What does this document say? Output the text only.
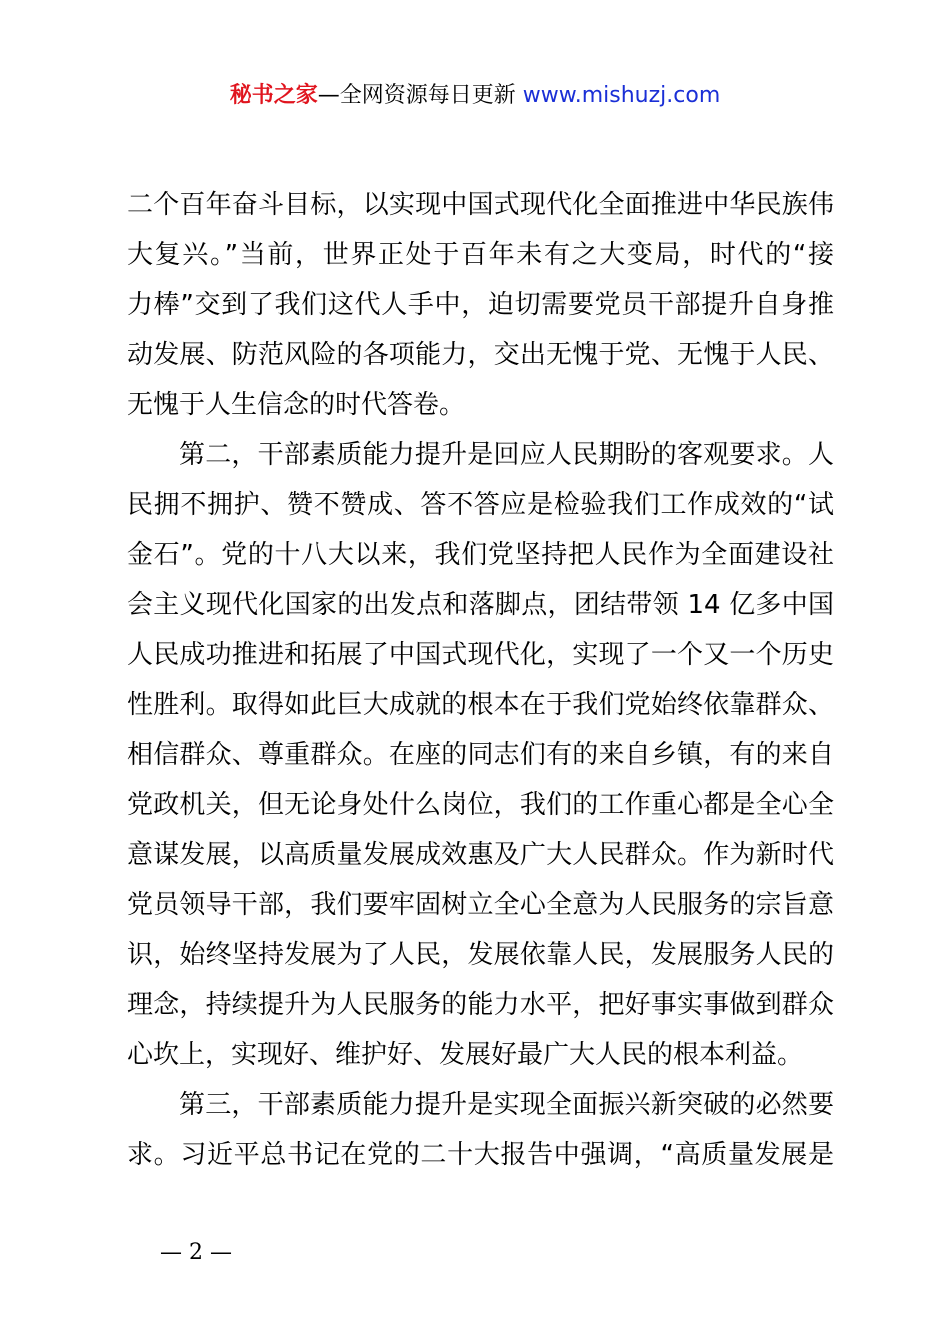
秘书之家—全网资源每日更新 www.mishuzj.com
二个百年奋斗目标，以实现中国式现代化全面推进中华民族伟
大复兴。”当前，世界正处于百年未有之大变局，时代的“接
力棒”交到了我们这代人手中，迫切需要党员干部提升自身推
动发展、防范风险的各项能力，交出无愧于党、无愧于人民、
无愧于人生信念的时代答卷。
第二，干部素质能力提升是回应人民期盼的客观要求。人
民拥不拥护、赞不赞成、答不答应是检验我们工作成效的“试
金石”。党的十八大以来，我们党坚持把人民作为全面建设社
会主义现代化国家的出发点和落脚点，团结带领 14 亿多中国
人民成功推进和拓展了中国式现代化，实现了一个又一个历史
性胜利。取得如此巨大成就的根本在于我们党始终依靠群众、
相信群众、尊重群众。在座的同志们有的来自乡镇，有的来自
党政机关，但无论身处什么岗位，我们的工作重心都是全心全
意谋发展，以高质量发展成效惠及广大人民群众。作为新时代
党员领导干部，我们要牢固树立全心全意为人民服务的宗旨意
识，始终坚持发展为了人民，发展依靠人民，发展服务人民的
理念，持续提升为人民服务的能力水平，把好事实事做到群众
心坎上，实现好、维护好、发展好最广大人民的根本利益。
第三，干部素质能力提升是实现全面振兴新突破的必然要
求。习近平总书记在党的二十大报告中强调，“高质量发展是
— 2 —
